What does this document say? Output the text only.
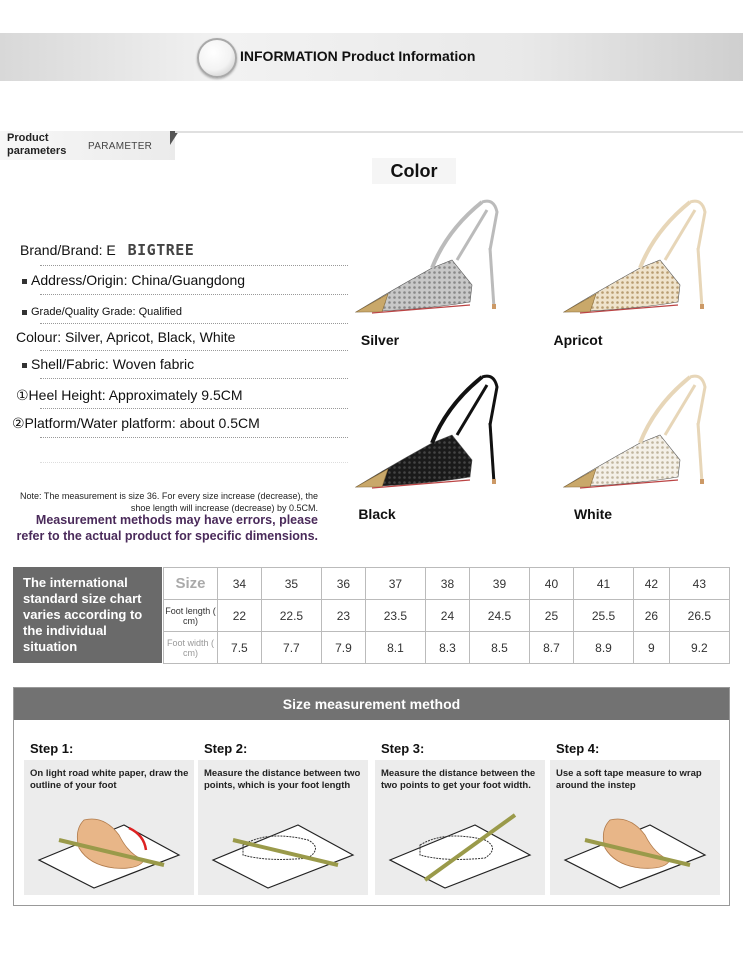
INFORMATION Product Information
Product
parameters PARAMETER
Color
Brand/Brand: E BIGTREE
Address/Origin: China/Guangdong
Grade/Quality Grade: Qualified
Colour: Silver, Apricot, Black, White
Shell/Fabric: Woven fabric
①Heel Height: Approximately 9.5CM
②Platform/Water platform: about 0.5CM
Note: The measurement is size 36. For every size increase (decrease), the shoe length will increase (decrease) by 0.5CM.
Measurement methods may have errors, please refer to the actual product for specific dimensions.
The international standard size chart varies according to the individual situation
Size	34	35	36	37	38	39	40	41	42	43
Foot length ( cm)	22	22.5	23	23.5	24	24.5	25	25.5	26	26.5
Foot width ( cm)	7.5	7.7	7.9	8.1	8.3	8.5	8.7	8.9	9	9.2
Size measurement method
Step 1:
On light road white paper, draw the outline of your foot
Step 2:
Measure the distance between two points, which is your foot length
Step 3:
Measure the distance between the two points to get your foot width.
Step 4:
Use a soft tape measure to wrap around the instep
Silver	Apricot
Black	White
